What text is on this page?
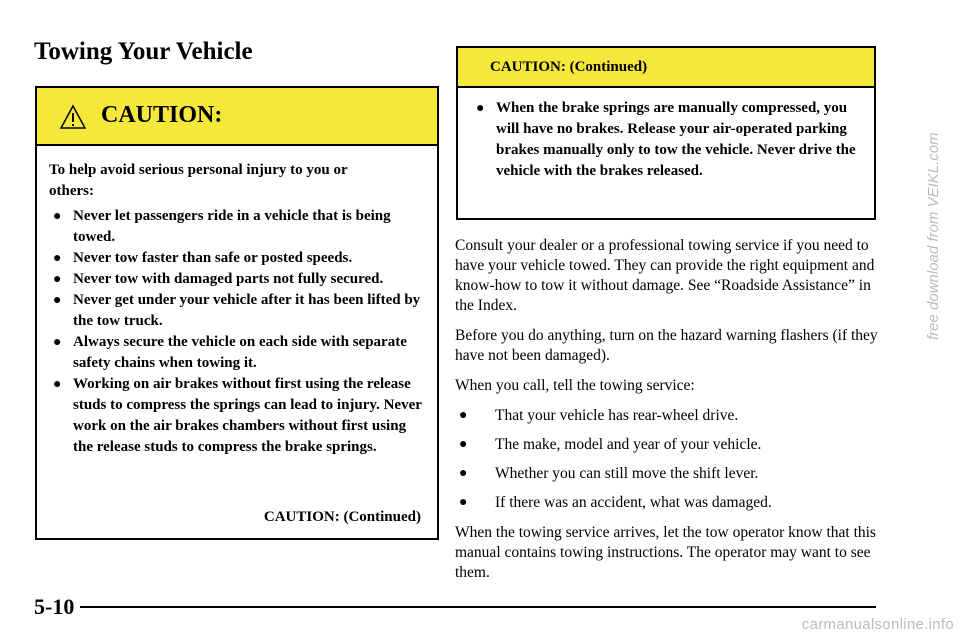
Towing Your Vehicle
CAUTION:

To help avoid serious personal injury to you or others:

● Never let passengers ride in a vehicle that is being towed.
● Never tow faster than safe or posted speeds.
● Never tow with damaged parts not fully secured.
● Never get under your vehicle after it has been lifted by the tow truck.
● Always secure the vehicle on each side with separate safety chains when towing it.
● Working on air brakes without first using the release studs to compress the springs can lead to injury. Never work on the air brakes chambers without first using the release studs to compress the brake springs.
CAUTION: (Continued)
CAUTION: (Continued)
● When the brake springs are manually compressed, you will have no brakes. Release your air-operated parking brakes manually only to tow the vehicle. Never drive the vehicle with the brakes released.

Consult your dealer or a professional towing service if you need to have your vehicle towed. They can provide the right equipment and know-how to tow it without damage. See “Roadside Assistance” in the Index.

Before you do anything, turn on the hazard warning flashers (if they have not been damaged).

When you call, tell the towing service:

● That your vehicle has rear-wheel drive.
● The make, model and year of your vehicle.
● Whether you can still move the shift lever.
● If there was an accident, what was damaged.

When the towing service arrives, let the tow operator know that this manual contains towing instructions. The operator may want to see them.

5-10
free download from VEIKL.com
carmanualsonline.info
